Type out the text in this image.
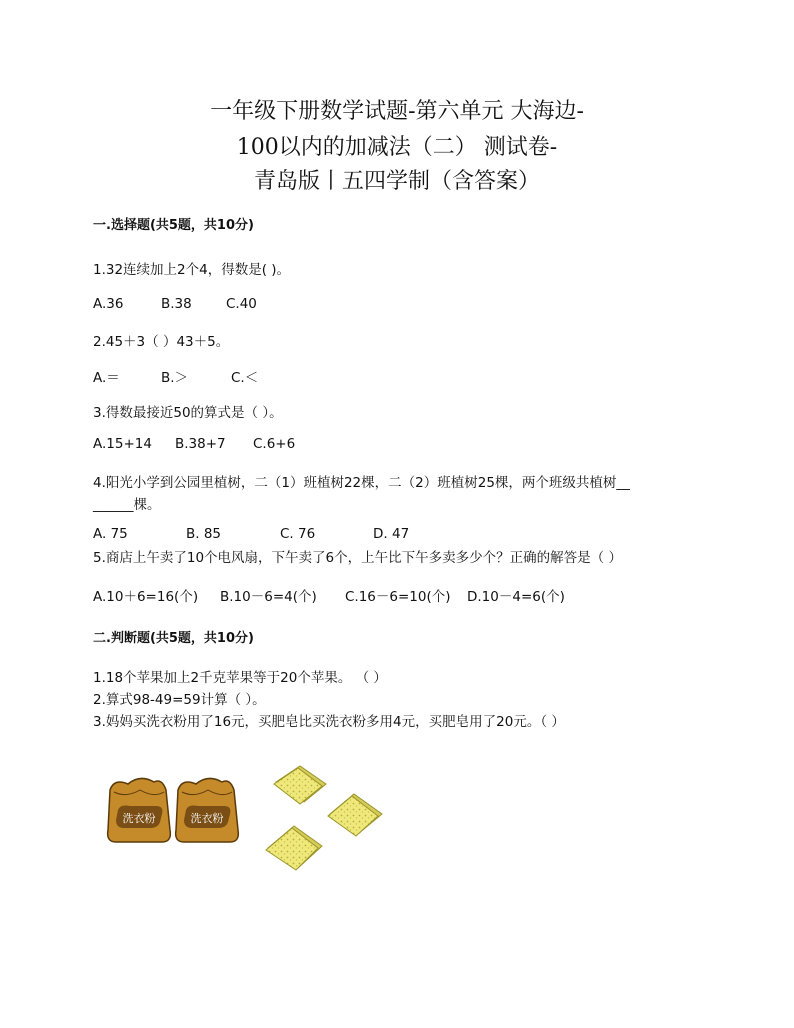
一年级下册数学试题-第六单元 大海边-
100以内的加减法（二） 测试卷-
青岛版丨五四学制（含答案）
一.选择题(共5题，共10分)
1.32连续加上2个4，得数是( )。
A.36	B.38	C.40
2.45＋3（ ）43＋5。
A.＝	B.＞	C.＜
3.得数最接近50的算式是（ ）。
A.15+14 B.38+7 C.6+6
4.阳光小学到公园里植树，二（1）班植树22棵，二（2）班植树25棵，两个班级共植树__
______棵。
A. 75	B. 85	C. 76	D. 47
5.商店上午卖了10个电风扇，下午卖了6个，上午比下午多卖多少个？正确的解答是（ ）
A.10＋6=16(个) B.10－6=4(个) C.16－6=10(个) D.10－4=6(个)
二.判断题(共5题，共10分)
1.18个苹果加上2千克苹果等于20个苹果。 （ ）
2.算式98-49=59计算（ ）。
3.妈妈买洗衣粉用了16元，买肥皂比买洗衣粉多用4元，买肥皂用了20元。（ ）
洗衣粉	洗衣粉
